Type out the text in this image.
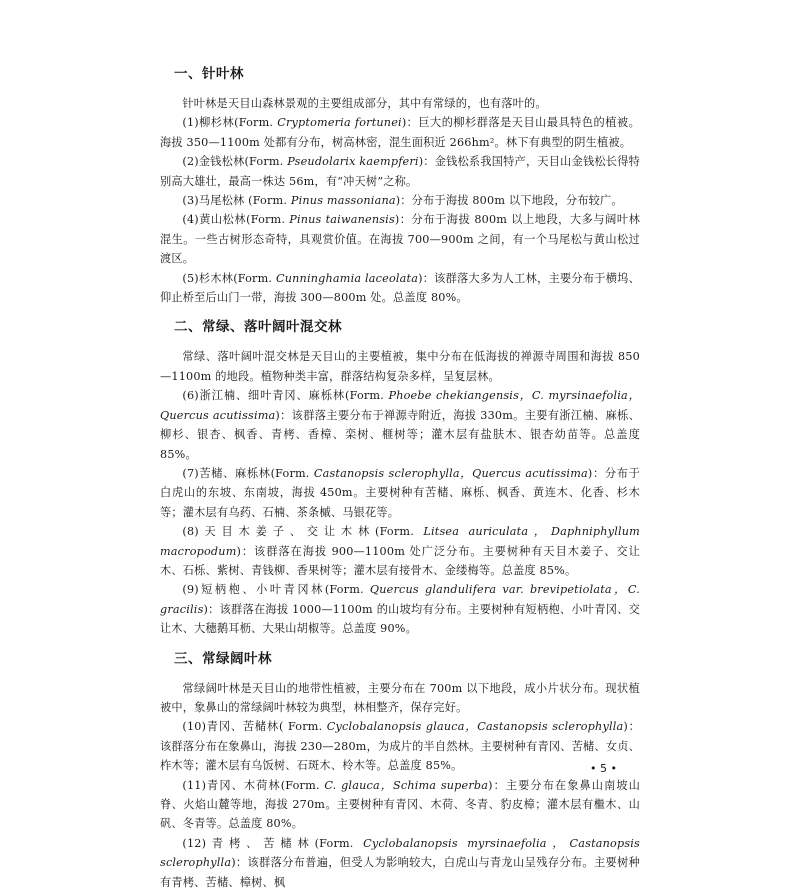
一、针叶林

针叶林是天目山森林景观的主要组成部分，其中有常绿的，也有落叶的。

(1)柳杉林(Form. Cryptomeria fortunei)：巨大的柳杉群落是天目山最具特色的植被。海拔 350—1100m 处都有分布，树高林密，混生面积近 266hm²。林下有典型的阴生植被。

(2)金钱松林(Form. Pseudolarix kaempferi)：金钱松系我国特产，天目山金钱松长得特别高大雄壮，最高一株达 56m，有“冲天树”之称。

(3)马尾松林 (Form. Pinus massoniana)：分布于海拔 800m 以下地段，分布较广。

(4)黄山松林(Form. Pinus taiwanensis)：分布于海拔 800m 以上地段，大多与阔叶林混生。一些古树形态奇特，具观赏价值。在海拔 700—900m 之间，有一个马尾松与黄山松过渡区。

(5)杉木林(Form. Cunninghamia laceolata)：该群落大多为人工林，主要分布于横坞、仰止桥至后山门一带，海拔 300—800m 处。总盖度 80%。

二、常绿、落叶阔叶混交林

常绿、落叶阔叶混交林是天目山的主要植被，集中分布在低海拔的禅源寺周围和海拔 850—1100m 的地段。植物种类丰富，群落结构复杂多样，呈复层林。

(6)浙江楠、细叶青冈、麻栎林(Form. Phoebe chekiangensis，C. myrsinaefolia，Quercus acutissima)：该群落主要分布于禅源寺附近，海拔 330m。主要有浙江楠、麻栎、柳杉、银杏、枫香、青栲、香樟、栾树、榧树等；灌木层有盐肤木、银杏幼苗等。总盖度 85%。

(7)苦槠、麻栎林(Form. Castanopsis sclerophylla，Quercus acutissima)：分布于白虎山的东坡、东南坡，海拔 450m。主要树种有苦槠、麻栎、枫香、黄连木、化香、杉木等；灌木层有乌药、石楠、茶条槭、马银花等。

(8)天目木姜子、交让木林(Form. Litsea auriculata，Daphniphyllum macropodum)：该群落在海拔 900—1100m 处广泛分布。主要树种有天目木姜子、交让木、石栎、紫树、青钱柳、香果树等；灌木层有接骨木、金缕梅等。总盖度 85%。

(9)短柄枹、小叶青冈林(Form. Quercus glandulifera var. brevipetiolata，C. gracilis)：该群落在海拔 1000—1100m 的山坡均有分布。主要树种有短柄枹、小叶青冈、交让木、大穗鹅耳枥、大果山胡椒等。总盖度 90%。

三、常绿阔叶林

常绿阔叶林是天目山的地带性植被，主要分布在 700m 以下地段，成小片状分布。现状植被中，象鼻山的常绿阔叶林较为典型，林相整齐，保存完好。

(10)青冈、苦槠林( Form. Cyclobalanopsis glauca，Castanopsis sclerophylla)：该群落分布在象鼻山，海拔 230—280m，为成片的半自然林。主要树种有青冈、苦槠、女贞、柞木等；灌木层有乌饭树、石斑木、柃木等。总盖度 85%。

(11)青冈、木荷林(Form. C. glauca，Schima superba)：主要分布在象鼻山南坡山脊、火焰山麓等地，海拔 270m。主要树种有青冈、木荷、冬青、豹皮樟；灌木层有檵木、山矾、冬青等。总盖度 80%。

(12)青栲、苦槠林(Form. Cyclobalanopsis myrsinaefolia，Castanopsis sclerophylla)：该群落分布普遍，但受人为影响较大，白虎山与青龙山呈残存分布。主要树种有青栲、苦槠、樟树、枫

• 5 •
